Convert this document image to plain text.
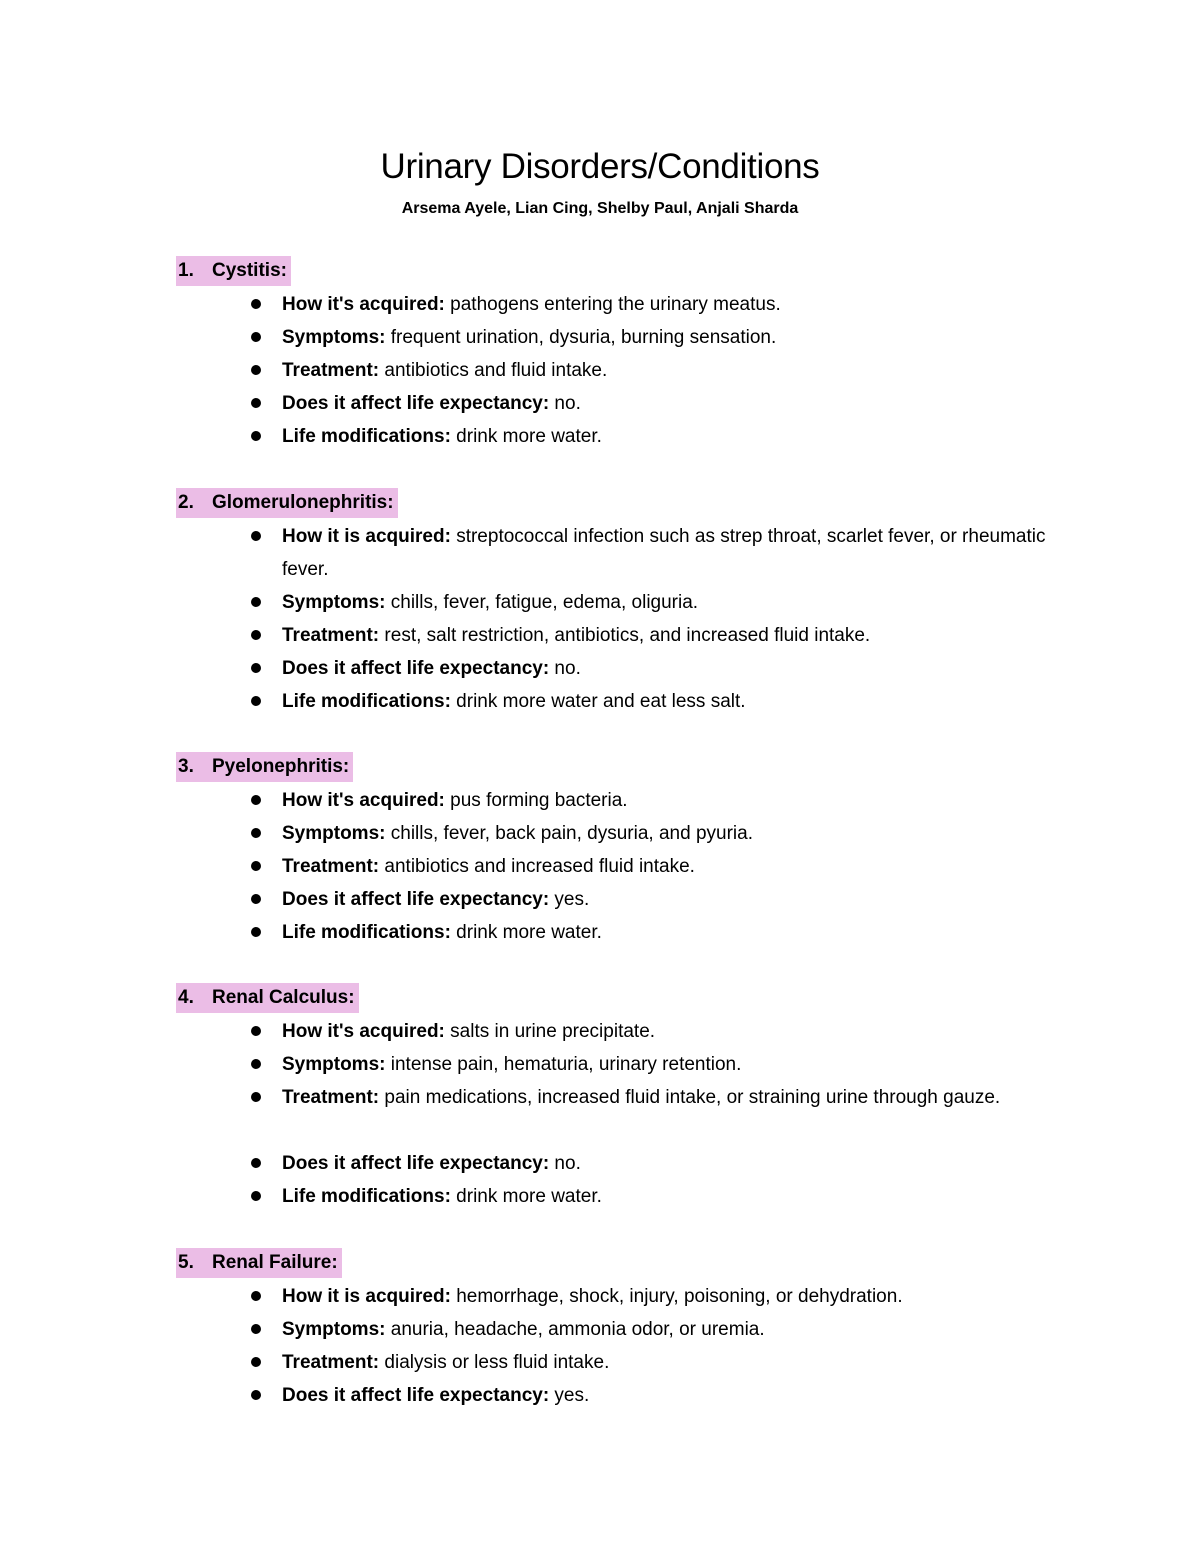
Urinary Disorders/Conditions

Arsema Ayele, Lian Cing, Shelby Paul, Anjali Sharda

1. Cystitis:
How it's acquired: pathogens entering the urinary meatus.
Symptoms: frequent urination, dysuria, burning sensation.
Treatment: antibiotics and fluid intake.
Does it affect life expectancy: no.
Life modifications: drink more water.
2. Glomerulonephritis:
How it is acquired: streptococcal infection such as strep throat, scarlet fever, or rheumatic fever.
Symptoms: chills, fever, fatigue, edema, oliguria.
Treatment: rest, salt restriction, antibiotics, and increased fluid intake.
Does it affect life expectancy: no.
Life modifications: drink more water and eat less salt.
3. Pyelonephritis:
How it's acquired: pus forming bacteria.
Symptoms: chills, fever, back pain, dysuria, and pyuria.
Treatment: antibiotics and increased fluid intake.
Does it affect life expectancy: yes.
Life modifications: drink more water.
4. Renal Calculus:
How it's acquired: salts in urine precipitate.
Symptoms: intense pain, hematuria, urinary retention.
Treatment: pain medications, increased fluid intake, or straining urine through gauze.
Does it affect life expectancy: no.
Life modifications: drink more water.
5. Renal Failure:
How it is acquired: hemorrhage, shock, injury, poisoning, or dehydration.
Symptoms: anuria, headache, ammonia odor, or uremia.
Treatment: dialysis or less fluid intake.
Does it affect life expectancy: yes.
